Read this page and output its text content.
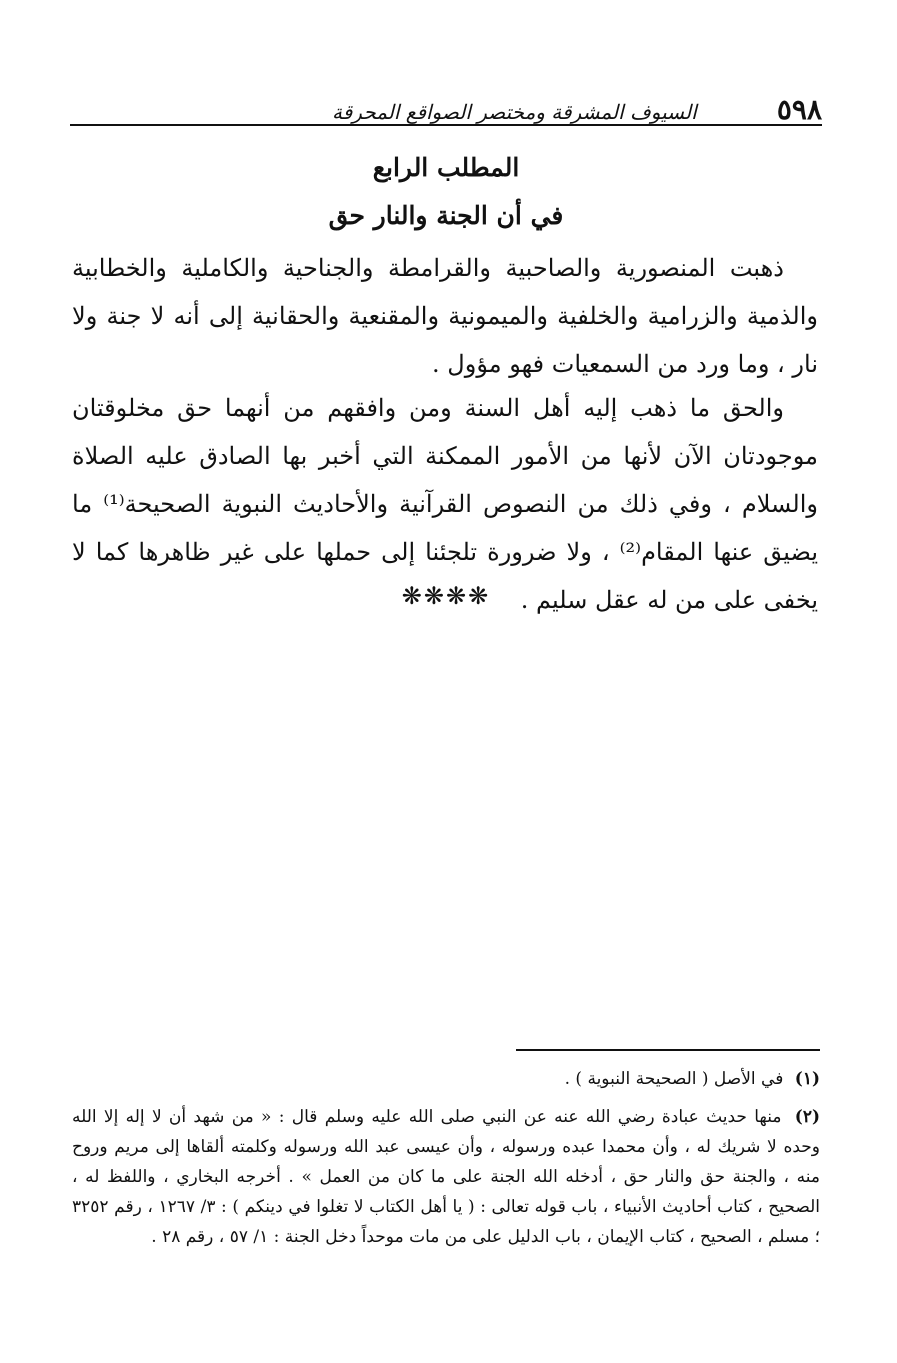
٥٩٨
السيوف المشرقة ومختصر الصواقع المحرقة
المطلب الرابع
في أن الجنة والنار حق

ذهبت المنصورية والصاحبية والقرامطة والجناحية والكاملية والخطابية والذمية والزرامية والخلفية والميمونية والمقنعية والحقانية إلى أنه لا جنة ولا نار ، وما ورد من السمعيات فهو مؤول .

والحق ما ذهب إليه أهل السنة ومن وافقهم من أنهما حق مخلوقتان موجودتان الآن لأنها من الأمور الممكنة التي أخبر بها الصادق عليه الصلاة والسلام ، وفي ذلك من النصوص القرآنية والأحاديث النبوية الصحيحة⁽¹⁾ ما يضيق عنها المقام⁽²⁾ ، ولا ضرورة تلجئنا إلى حملها على غير ظاهرها كما لا يخفى على من له عقل سليم .

❋❋❋❋

(١) في الأصل ( الصحيحة النبوية ) .

(٢) منها حديث عبادة رضي الله عنه عن النبي صلى الله عليه وسلم قال : « من شهد أن لا إله إلا الله وحده لا شريك له ، وأن محمدا عبده ورسوله ، وأن عيسى عبد الله ورسوله وكلمته ألقاها إلى مريم وروح منه ، والجنة حق والنار حق ، أدخله الله الجنة على ما كان من العمل » . أخرجه البخاري ، واللفظ له ، الصحيح ، كتاب أحاديث الأنبياء ، باب قوله تعالى : ( يا أهل الكتاب لا تغلوا في دينكم ) : ٣/ ١٢٦٧ ، رقم ٣٢٥٢ ؛ مسلم ، الصحيح ، كتاب الإيمان ، باب الدليل على من مات موحداً دخل الجنة : ١/ ٥٧ ، رقم ٢٨ .
